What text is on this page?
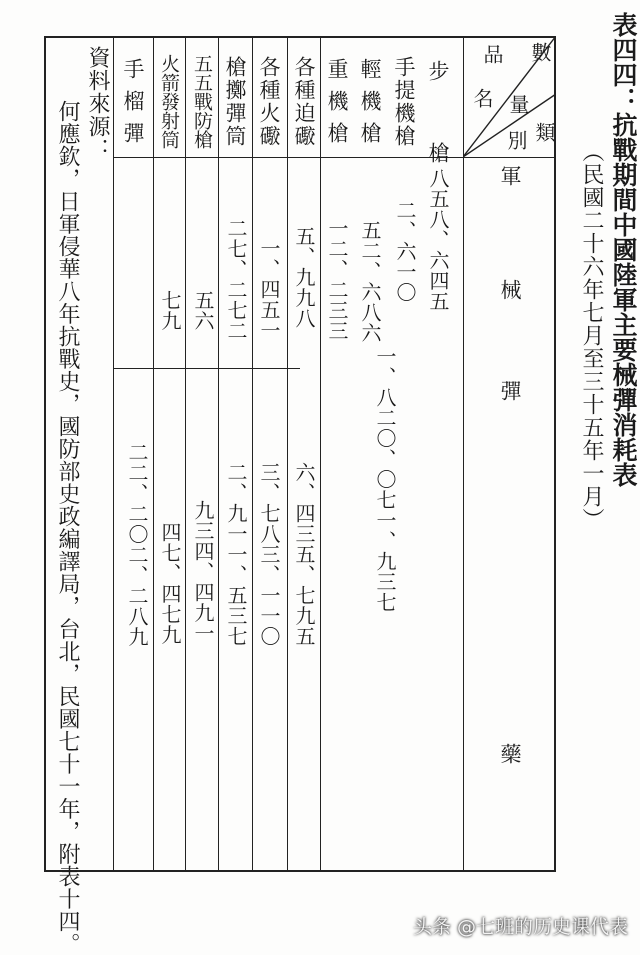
表四四：抗戰期間中國陸軍主要械彈消耗表
（民國二十六年七月至三十五年一月）
數
量
類
別
品
名
軍　械
彈　　藥
步　槍
手提機槍
輕機槍
重機槍
各種迫礮
各種火礮
槍擲彈筒
五五戰防槍
火箭發射筒
手榴彈
八五八、六四五
二、六一〇
五二、六八六
一二、二三三
五、九九八
一、四五一
二七、二七二
五六
七九
一、八二〇、〇七一、九三七
六、四三五、七九五
三、七八三、一一〇
二、九一一、五三七
九三四、四九一
四七、四七九
二二、二〇二、二八九
資料來源：
何應欽，日軍侵華八年抗戰史，國防部史政編譯局，台北，民國七十一年，附表十四。	头条 @七班的历史课代表
